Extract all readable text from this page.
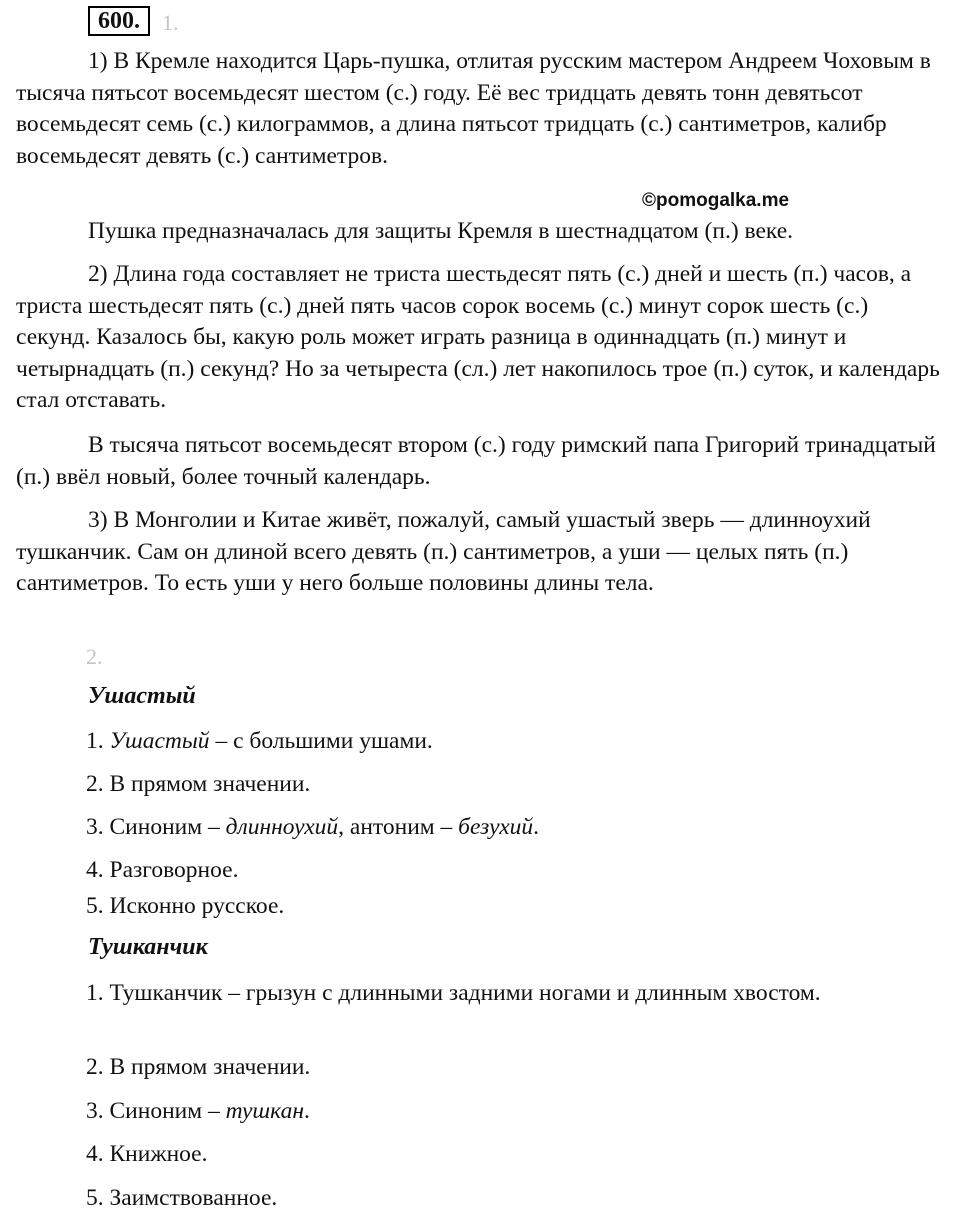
600.	1.

1) В Кремле находится Царь-пушка, отлитая русским мастером Андреем Чоховым в тысяча пятьсот восемьдесят шестом (с.) году. Её вес тридцать девять тонн девятьсот восемьдесят семь (с.) килограммов, а длина пятьсот тридцать (с.) сантиметров, калибр восемьдесят девять (с.) сантиметров.

©pomogalka.me

Пушка предназначалась для защиты Кремля в шестнадцатом (п.) веке.

2) Длина года составляет не триста шестьдесят пять (с.) дней и шесть (п.) часов, а триста шестьдесят пять (с.) дней пять часов сорок восемь (с.) минут сорок шесть (с.) секунд. Казалось бы, какую роль может играть разница в одиннадцать (п.) минут и четырнадцать (п.) секунд? Но за четыреста (сл.) лет накопилось трое (п.) суток, и календарь стал отставать.

В тысяча пятьсот восемьдесят втором (с.) году римский папа Григорий тринадцатый (п.) ввёл новый, более точный календарь.

3) В Монголии и Китае живёт, пожалуй, самый ушастый зверь — длинноухий тушканчик. Сам он длиной всего девять (п.) сантиметров, а уши — целых пять (п.) сантиметров. То есть уши у него больше половины длины тела.

2.
Ушастый
1. Ушастый – с большими ушами.
2. В прямом значении.
3. Синоним – длинноухий, антоним – безухий.
4. Разговорное.
5. Исконно русское.
Тушканчик
1. Тушканчик – грызун с длинными задними ногами и длинным хвостом.
2. В прямом значении.
3. Синоним – тушкан.
4. Книжное.
5. Заимствованное.
